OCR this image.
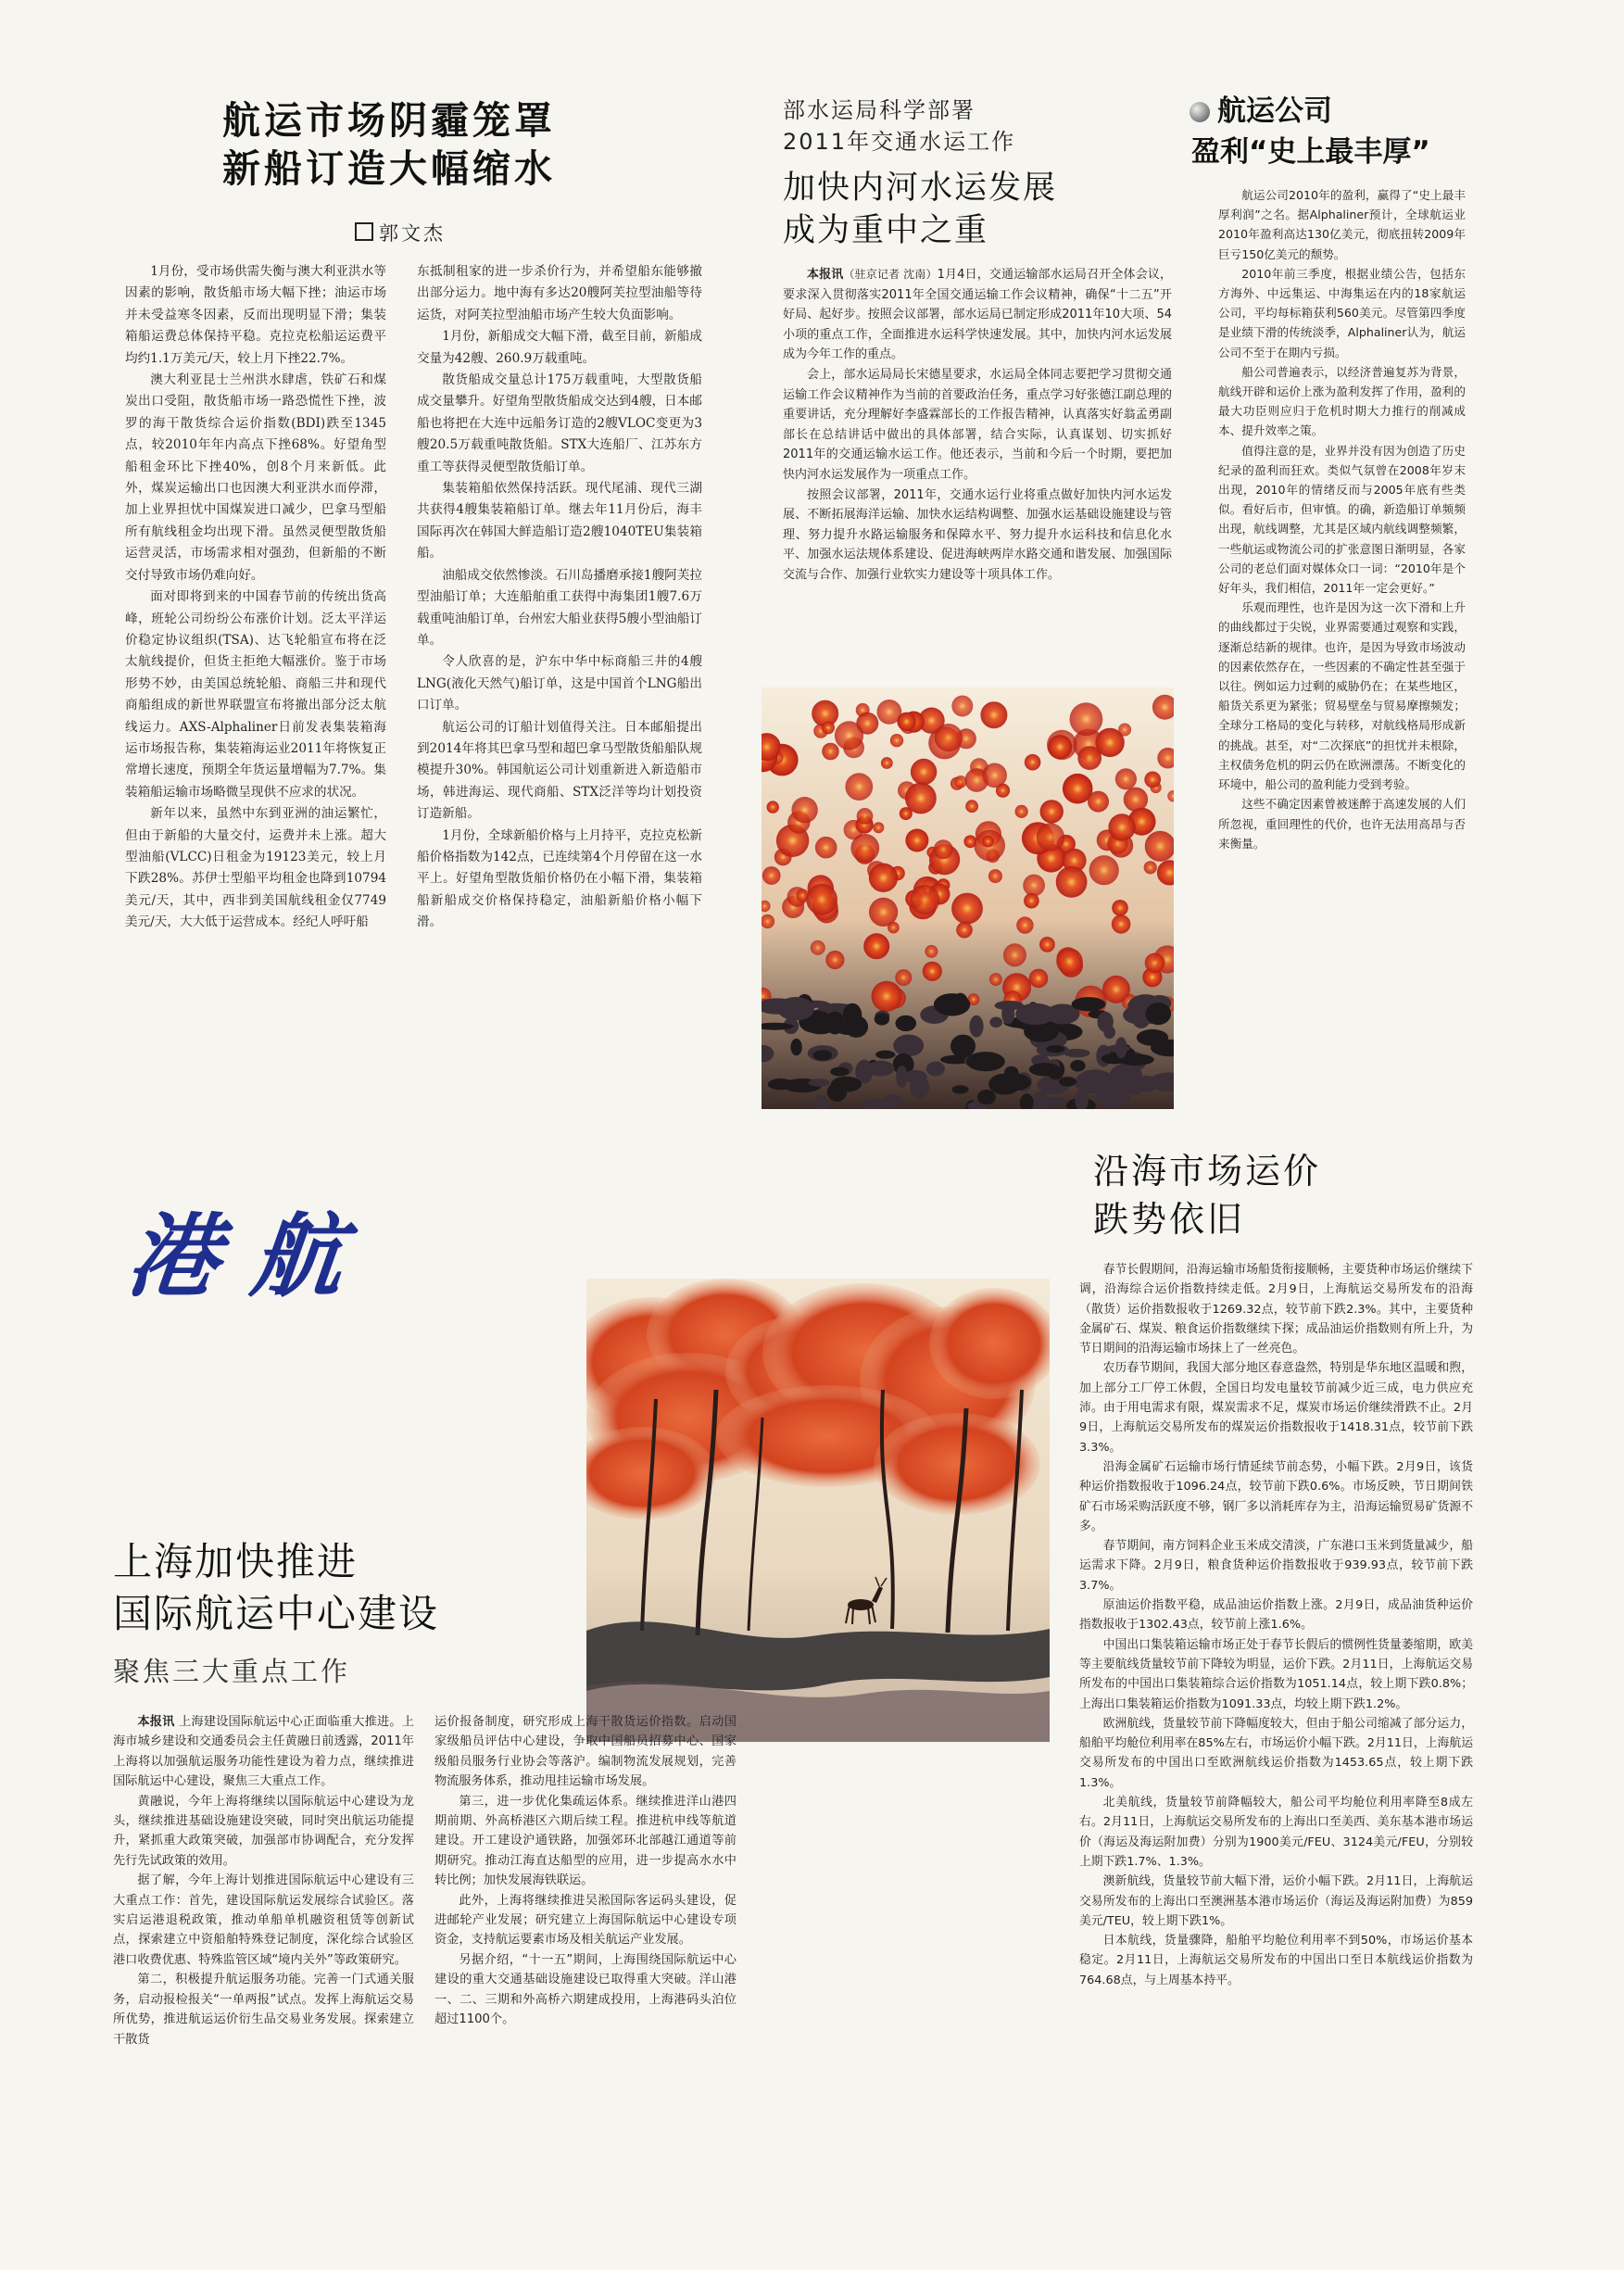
航运市场阴霾笼罩
新船订造大幅缩水
郭文杰

1月份，受市场供需失衡与澳大利亚洪水等因素的影响，散货船市场大幅下挫；油运市场并未受益寒冬因素，反而出现明显下滑；集装箱船运费总体保持平稳。克拉克松船运运费平均约1.1万美元/天，较上月下挫22.7%。

澳大利亚昆士兰州洪水肆虐，铁矿石和煤炭出口受阻，散货船市场一路恐慌性下挫，波罗的海干散货综合运价指数(BDI)跌至1345点，较2010年年内高点下挫68%。好望角型船租金环比下挫40%，创8个月来新低。此外，煤炭运输出口也因澳大利亚洪水而停滞，加上业界担忧中国煤炭进口减少，巴拿马型船所有航线租金均出现下滑。虽然灵便型散货船运营灵活，市场需求相对强劲，但新船的不断交付导致市场仍难向好。

面对即将到来的中国春节前的传统出货高峰，班轮公司纷纷公布涨价计划。泛太平洋运价稳定协议组织(TSA)、达飞轮船宣布将在泛太航线提价，但货主拒绝大幅涨价。鉴于市场形势不妙，由美国总统轮船、商船三井和现代商船组成的新世界联盟宣布将撤出部分泛太航线运力。AXS-Alphaliner日前发表集装箱海运市场报告称，集装箱海运业2011年将恢复正常增长速度，预期全年货运量增幅为7.7%。集装箱船运输市场略微呈现供不应求的状况。

新年以来，虽然中东到亚洲的油运繁忙，但由于新船的大量交付，运费并未上涨。超大型油船(VLCC)日租金为19123美元，较上月下跌28%。苏伊士型船平均租金也降到10794美元/天，其中，西非到美国航线租金仅7749美元/天，大大低于运营成本。经纪人呼吁船

东抵制租家的进一步杀价行为，并希望船东能够撤出部分运力。地中海有多达20艘阿芙拉型油船等待运货，对阿芙拉型油船市场产生较大负面影响。

1月份，新船成交大幅下滑，截至目前，新船成交量为42艘、260.9万载重吨。

散货船成交量总计175万载重吨，大型散货船成交量攀升。好望角型散货船成交达到4艘，日本邮船也将把在大连中远船务订造的2艘VLOC变更为3艘20.5万载重吨散货船。STX大连船厂、江苏东方重工等获得灵便型散货船订单。

集装箱船依然保持活跃。现代尾浦、现代三湖共获得4艘集装箱船订单。继去年11月份后，海丰国际再次在韩国大鲜造船订造2艘1040TEU集装箱船。

油船成交依然惨淡。石川岛播磨承接1艘阿芙拉型油船订单；大连船舶重工获得中海集团1艘7.6万载重吨油船订单，台州宏大船业获得5艘小型油船订单。

令人欣喜的是，沪东中华中标商船三井的4艘LNG(液化天然气)船订单，这是中国首个LNG船出口订单。

航运公司的订船计划值得关注。日本邮船提出到2014年将其巴拿马型和超巴拿马型散货船船队规模提升30%。韩国航运公司计划重新进入新造船市场，韩进海运、现代商船、STX泛洋等均计划投资订造新船。

1月份，全球新船价格与上月持平，克拉克松新船价格指数为142点，已连续第4个月停留在这一水平上。好望角型散货船价格仍在小幅下滑，集装箱船新船成交价格保持稳定，油船新船价格小幅下滑。

部水运局科学部署
2011年交通水运工作
加快内河水运发展
成为重中之重

本报讯（驻京记者 沈南）1月4日，交通运输部水运局召开全体会议，要求深入贯彻落实2011年全国交通运输工作会议精神，确保“十二五”开好局、起好步。按照会议部署，部水运局已制定形成2011年10大项、54小项的重点工作，全面推进水运科学快速发展。其中，加快内河水运发展成为今年工作的重点。

会上，部水运局局长宋德星要求，水运局全体同志要把学习贯彻交通运输工作会议精神作为当前的首要政治任务，重点学习好张德江副总理的重要讲话，充分理解好李盛霖部长的工作报告精神，认真落实好翁孟勇副部长在总结讲话中做出的具体部署，结合实际，认真谋划、切实抓好2011年的交通运输水运工作。他还表示，当前和今后一个时期，要把加快内河水运发展作为一项重点工作。

按照会议部署，2011年，交通水运行业将重点做好加快内河水运发展、不断拓展海洋运输、加快水运结构调整、加强水运基础设施建设与管理、努力提升水路运输服务和保障水平、努力提升水运科技和信息化水平、加强水运法规体系建设、促进海峡两岸水路交通和谐发展、加强国际交流与合作、加强行业软实力建设等十项具体工作。

航运公司
盈利“史上最丰厚”

航运公司2010年的盈利，赢得了“史上最丰厚利润”之名。据Alphaliner预计，全球航运业2010年盈利高达130亿美元，彻底扭转2009年巨亏150亿美元的颓势。

2010年前三季度，根据业绩公告，包括东方海外、中远集运、中海集运在内的18家航运公司，平均每标箱获利560美元。尽管第四季度是业绩下滑的传统淡季，Alphaliner认为，航运公司不至于在期内亏损。

船公司普遍表示，以经济普遍复苏为背景，航线开辟和运价上涨为盈利发挥了作用，盈利的最大功臣则应归于危机时期大力推行的削减成本、提升效率之策。

值得注意的是，业界并没有因为创造了历史纪录的盈利而狂欢。类似气氛曾在2008年岁末出现，2010年的情绪反而与2005年底有些类似。看好后市，但审慎。的确，新造船订单频频出现，航线调整，尤其是区域内航线调整频繁，一些航运或物流公司的扩张意图日渐明显，各家公司的老总们面对媒体众口一词：“2010年是个好年头，我们相信，2011年一定会更好。”

乐观而理性，也许是因为这一次下滑和上升的曲线都过于尖锐，业界需要通过观察和实践，逐渐总结新的规律。也许，是因为导致市场波动的因素依然存在，一些因素的不确定性甚至强于以往。例如运力过剩的威胁仍在；在某些地区，船货关系更为紧张；贸易壁垒与贸易摩擦频发；全球分工格局的变化与转移，对航线格局形成新的挑战。甚至，对“二次探底”的担忧并未根除，主权债务危机的阴云仍在欧洲漂荡。不断变化的环境中，船公司的盈利能力受到考验。

这些不确定因素曾被迷醉于高速发展的人们所忽视，重回理性的代价，也许无法用高昂与否来衡量。

港航
上海加快推进
国际航运中心建设
聚焦三大重点工作

本报讯 上海建设国际航运中心正面临重大推进。上海市城乡建设和交通委员会主任黄融日前透露，2011年上海将以加强航运服务功能性建设为着力点，继续推进国际航运中心建设，聚焦三大重点工作。

黄融说，今年上海将继续以国际航运中心建设为龙头，继续推进基础设施建设突破，同时突出航运功能提升，紧抓重大政策突破，加强部市协调配合，充分发挥先行先试政策的效用。

据了解，今年上海计划推进国际航运中心建设有三大重点工作：首先，建设国际航运发展综合试验区。落实启运港退税政策，推动单船单机融资租赁等创新试点，探索建立中资船舶特殊登记制度，深化综合试验区港口收费优惠、特殊监管区域“境内关外”等政策研究。

第二，积极提升航运服务功能。完善一门式通关服务，启动报检报关“一单两报”试点。发挥上海航运交易所优势，推进航运运价衍生品交易业务发展。探索建立干散货

运价报备制度，研究形成上海干散货运价指数。启动国家级船员评估中心建设，争取中国船员招募中心、国家级船员服务行业协会等落沪。编制物流发展规划，完善物流服务体系，推动甩挂运输市场发展。

第三，进一步优化集疏运体系。继续推进洋山港四期前期、外高桥港区六期后续工程。推进杭申线等航道建设。开工建设沪通铁路，加强郊环北部越江通道等前期研究。推动江海直达船型的应用，进一步提高水水中转比例；加快发展海铁联运。

此外，上海将继续推进吴淞国际客运码头建设，促进邮轮产业发展；研究建立上海国际航运中心建设专项资金，支持航运要素市场及相关航运产业发展。

另据介绍，“十一五”期间，上海围绕国际航运中心建设的重大交通基础设施建设已取得重大突破。洋山港一、二、三期和外高桥六期建成投用，上海港码头泊位超过1100个。

沿海市场运价
跌势依旧

春节长假期间，沿海运输市场船货衔接顺畅，主要货种市场运价继续下调，沿海综合运价指数持续走低。2月9日，上海航运交易所发布的沿海（散货）运价指数报收于1269.32点，较节前下跌2.3%。其中，主要货种金属矿石、煤炭、粮食运价指数继续下探；成品油运价指数则有所上升，为节日期间的沿海运输市场抹上了一丝亮色。

农历春节期间，我国大部分地区春意盎然，特别是华东地区温暖和煦，加上部分工厂停工休假，全国日均发电量较节前减少近三成，电力供应充沛。由于用电需求有限，煤炭需求不足，煤炭市场运价继续滑跌不止。2月9日，上海航运交易所发布的煤炭运价指数报收于1418.31点，较节前下跌3.3%。

沿海金属矿石运输市场行情延续节前态势，小幅下跌。2月9日，该货种运价指数报收于1096.24点，较节前下跌0.6%。市场反映，节日期间铁矿石市场采购活跃度不够，钢厂多以消耗库存为主，沿海运输贸易矿货源不多。

春节期间，南方饲料企业玉米成交清淡，广东港口玉米到货量减少，船运需求下降。2月9日，粮食货种运价指数报收于939.93点，较节前下跌3.7%。

原油运价指数平稳，成品油运价指数上涨。2月9日，成品油货种运价指数报收于1302.43点，较节前上涨1.6%。

中国出口集装箱运输市场正处于春节长假后的惯例性货量萎缩期，欧美等主要航线货量较节前下降较为明显，运价下跌。2月11日，上海航运交易所发布的中国出口集装箱综合运价指数为1051.14点，较上期下跌0.8%；上海出口集装箱运价指数为1091.33点，均较上期下跌1.2%。

欧洲航线，货量较节前下降幅度较大，但由于船公司缩减了部分运力，船舶平均舱位利用率在85%左右，市场运价小幅下跌。2月11日，上海航运交易所发布的中国出口至欧洲航线运价指数为1453.65点，较上期下跌1.3%。

北美航线，货量较节前降幅较大，船公司平均舱位利用率降至8成左右。2月11日，上海航运交易所发布的上海出口至美西、美东基本港市场运价（海运及海运附加费）分别为1900美元/FEU、3124美元/FEU，分别较上期下跌1.7%、1.3%。

澳新航线，货量较节前大幅下滑，运价小幅下跌。2月11日，上海航运交易所发布的上海出口至澳洲基本港市场运价（海运及海运附加费）为859美元/TEU，较上期下跌1%。

日本航线，货量骤降，船舶平均舱位利用率不到50%，市场运价基本稳定。2月11日，上海航运交易所发布的中国出口至日本航线运价指数为764.68点，与上周基本持平。
